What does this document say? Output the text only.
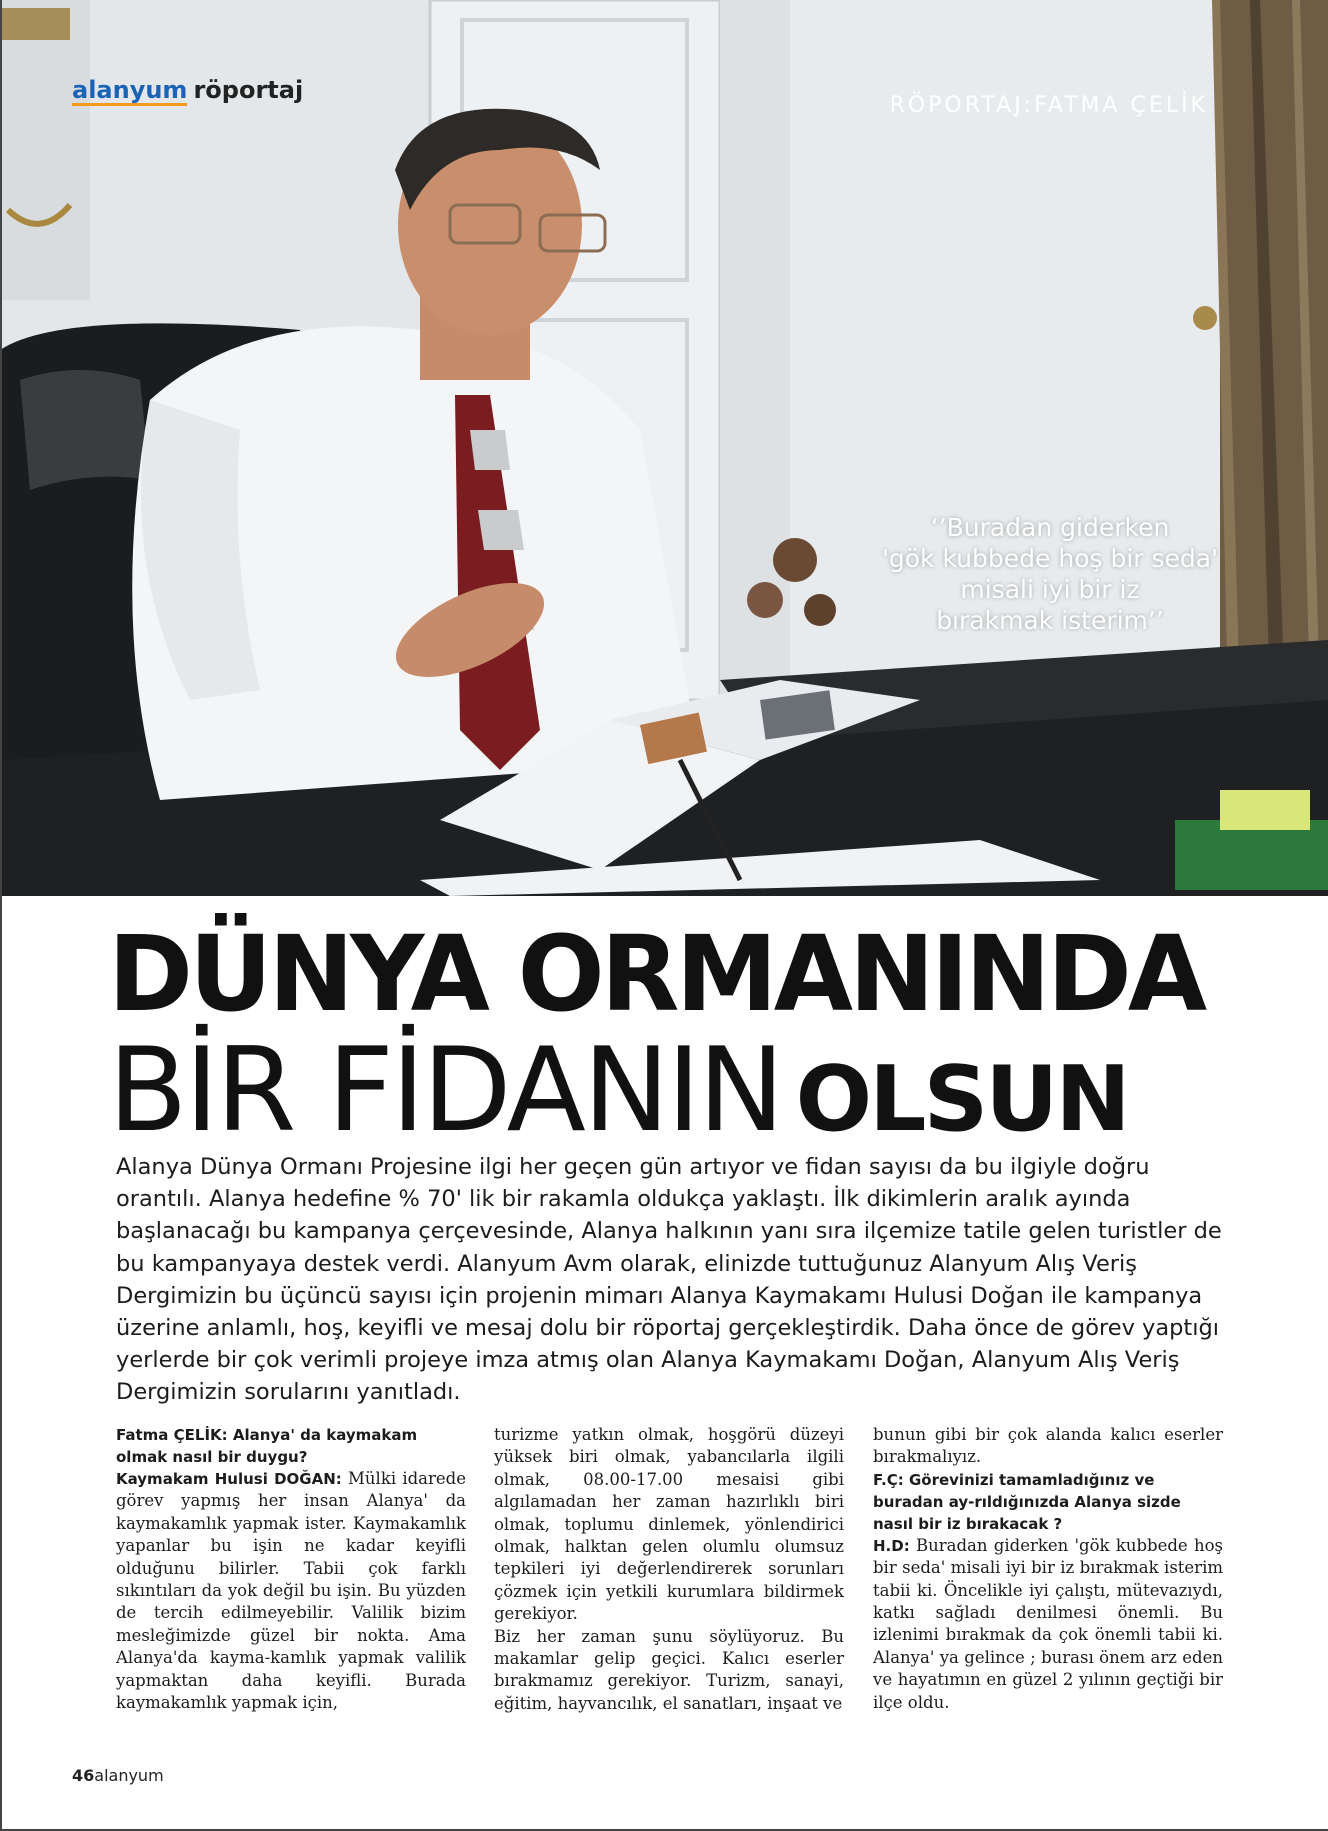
alanyum röportaj
RÖPORTAJ:FATMA ÇELİK
‘’Buradan giderken
'gök kubbede hoş bir seda'
misali iyi bir iz
bırakmak isterim’’
DÜNYA ORMANINDA
BİR FİDANIN OLSUN

Alanya Dünya Ormanı Projesine ilgi her geçen gün artıyor ve fidan sayısı da bu ilgiyle doğru orantılı. Alanya hedefine % 70' lik bir rakamla oldukça yaklaştı. İlk dikimlerin aralık ayında başlanacağı bu kampanya çerçevesinde, Alanya halkının yanı sıra ilçemize tatile gelen turistler de bu kampanyaya destek verdi. Alanyum Avm olarak, elinizde tuttuğunuz Alanyum Alış Veriş Dergimizin bu üçüncü sayısı için projenin mimarı Alanya Kaymakamı Hulusi Doğan ile kampanya üzerine anlamlı, hoş, keyifli ve mesaj dolu bir röportaj gerçekleştirdik. Daha önce de görev yaptığı yerlerde bir çok verimli projeye imza atmış olan Alanya Kaymakamı Doğan, Alanyum Alış Veriş Dergimizin sorularını yanıtladı.

Fatma ÇELİK: Alanya' da kaymakam olmak nasıl bir duygu?
Kaymakam Hulusi DOĞAN: Mülki idarede görev yapmış her insan Alanya' da kaymakamlık yapmak ister. Kaymakamlık yapanlar bu işin ne kadar keyifli olduğunu bilirler. Tabii çok farklı sıkıntıları da yok değil bu işin. Bu yüzden de tercih edilmeyebilir. Valilik bizim mesleğimizde güzel bir nokta. Ama Alanya'da kayma-kamlık yapmak valilik yapmaktan daha keyifli. Burada kaymakamlık yapmak için,
turizme yatkın olmak, hoşgörü düzeyi yüksek biri olmak, yabancılarla ilgili olmak, 08.00-17.00 mesaisi gibi algılamadan her zaman hazırlıklı biri olmak, toplumu dinlemek, yönlendirici olmak, halktan gelen olumlu olumsuz tepkileri iyi değerlendirerek sorunları çözmek için yetkili kurumlara bildirmek gerekiyor.
Biz her zaman şunu söylüyoruz. Bu makamlar gelip geçici. Kalıcı eserler bırakmamız gerekiyor. Turizm, sanayi, eğitim, hayvancılık, el sanatları, inşaat ve
bunun gibi bir çok alanda kalıcı eserler bırakmalıyız.
F.Ç: Görevinizi tamamladığınız ve buradan ay-rıldığınızda Alanya sizde nasıl bir iz bırakacak ?
H.D: Buradan giderken 'gök kubbede hoş bir seda' misali iyi bir iz bırakmak isterim tabii ki. Öncelikle iyi çalıştı, mütevazıydı, katkı sağladı denilmesi önemli. Bu izlenimi bırakmak da çok önemli tabii ki. Alanya' ya gelince ; burası önem arz eden ve hayatımın en güzel 2 yılının geçtiği bir ilçe oldu.
46alanyum
